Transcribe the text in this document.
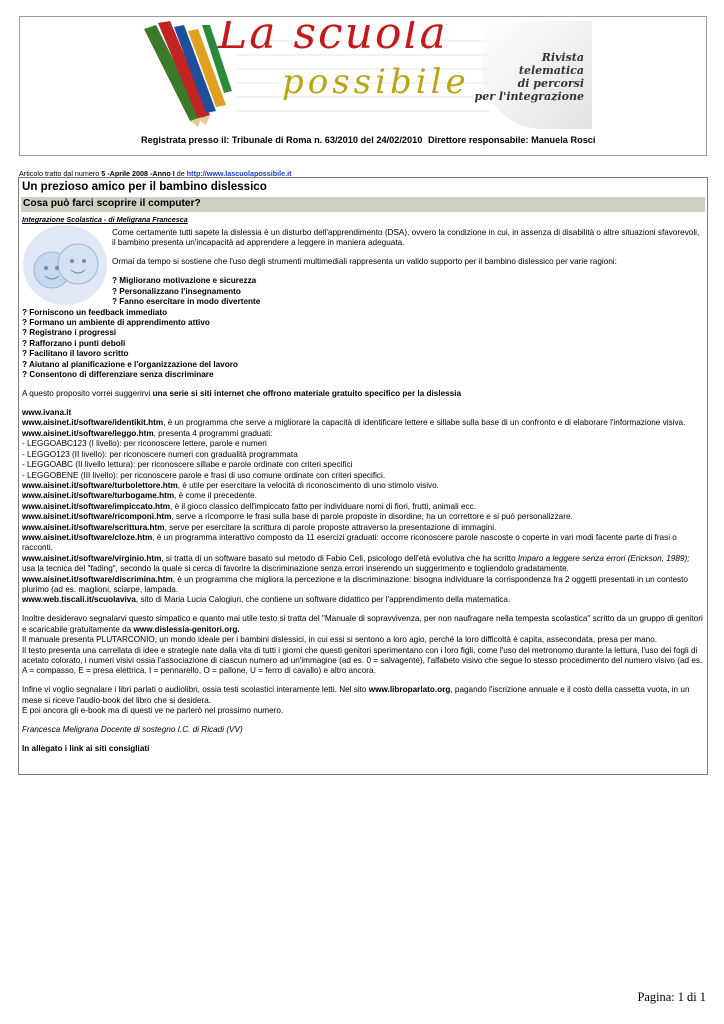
possibile
Rivista
telematica
di percorsi
per l'integrazione
Registrata presso il: Tribunale di Roma n. 63/2010 del 24/02/2010 Direttore responsabile: Manuela Rosci
Articolo tratto dal numero 5 -Aprile 2008 -Anno I de http://www.lascuolapossibile.it
Un prezioso amico per il bambino dislessico
Cosa può farci scoprire il computer?
Integrazione Scolastica - di Meligrana Francesca

Come certamente tutti sapete la dislessia è un disturbo dell'apprendimento (DSA), ovvero la condizione in cui, in assenza di disabilità o altre situazioni sfavorevoli, il bambino presenta un'incapacità ad apprendere a leggere in maniera adeguata.

Ormai da tempo si sostiene che l'uso degli strumenti multimediali rappresenta un valido supporto per il bambino dislessico per varie ragioni:

? Migliorano motivazione e sicurezza

? Personalizzano l'insegnamento

? Fanno esercitare in modo divertente

? Forniscono un feedback immediato

? Formano un ambiente di apprendimento attivo

? Registrano i progressi

? Rafforzano i punti deboli

? Facilitano il lavoro scritto

? Aiutano al pianificazione e l'organizzazione del lavoro

? Consentono di differenziare senza discriminare

A questo proposito vorrei suggerirvi una serie si siti internet che offrono materiale gratuito specifico per la dislessia

www.ivana.it

www.aisinet.it/software/identikit.htm, è un programma che serve a migliorare la capacità di identificare lettere e sillabe sulla base di un confronto e di elaborare l'informazione visiva.

www.aisinet.it/software/leggo.htm, presenta 4 programmi graduati:

- LEGGOABC123 (I livello): per riconoscere lettere, parole e numeri

- LEGGO123 (II livello): per riconoscere numeri con gradualità programmata

- LEGGOABC (II livello lettura): per riconoscere sillabe e parole ordinate con criteri specifici

- LEGGOBENE (III livello): per riconoscere parole e frasi di uso comune ordinate con criteri specifici.

www.aisinet.it/software/turbolettore.htm, è utile per esercitare la velocità di riconoscimento di uno stimolo visivo.

www.aisinet.it/software/turbogame.htm, è come il precedente.

www.aisinet.it/software/impiccato.htm, è il gioco classico dell'impiccato fatto per individuare nomi di fiori, frutti, animali ecc.

www.aisinet.it/software/ricomponi.htm, serve a ricomporre le frasi sulla base di parole proposte in disordine; ha un correttore e si può personalizzare.

www.aisinet.it/software/scrittura.htm, serve per esercitare la scrittura di parole proposte attraverso la presentazione di immagini.

www.aisinet.it/software/cloze.htm, è un programma interattivo composto da 11 esercizi graduati: occorre riconoscere parole nascoste o coperte in vari modi facente parte di frasi o racconti.

www.aisinet.it/software/virginio.htm, si tratta di un software basato sul metodo di Fabio Celi, psicologo dell'età evolutiva che ha scritto Imparo a leggere senza errori (Erickson, 1989); usa la tecnica del "fading", secondo la quale si cerca di favorire la discriminazione senza errori inserendo un suggerimento e togliendolo gradatamente.

www.aisinet.it/software/discrimina.htm, è un programma che migliora la percezione e la discriminazione: bisogna individuare la corrispondenza fra 2 oggetti presentati in un contesto plurimo (ad es. maglioni, sciarpe, lampada.

www.web.tiscali.it/scuolaviva, sito di Maria Lucia Calogiuri, che contiene un software didattico per l'apprendimento della matematica.

Inoltre desideravo segnalarvi questo simpatico e quanto mai utile testo si tratta del "Manuale di sopravvivenza, per non naufragare nella tempesta scolastica" scritto da un gruppo di genitori e scaricabile gratuitamente da www.dislessia-genitori.org.

Il manuale presenta PLUTARCONIO, un mondo ideale per i bambini dislessici, in cui essi si sentono a loro agio, perché la loro difficoltà è capita, assecondata, presa per mano.

Il testo presenta una carrellata di idee e strategie nate dalla vita di tutti i giorni che questi genitori sperimentano con i loro figli, come l'uso del metronomo durante la lettura, l'uso dei fogli di acetato colorato, i numeri visivi ossia l'associazione di ciascun numero ad un'immagine (ad es. 0 = salvagente), l'alfabeto visivo che segue lo stesso procedimento del numero visivo (ad es. A = compasso, E = presa elettrica, I = pennarello, O = pallone, U = ferro di cavallo) e altro ancora.

Infine vi voglio segnalare i libri parlati o audiolibri, ossia testi scolastici interamente letti. Nel sito www.libroparlato.org, pagando l'iscrizione annuale e il costo della cassetta vuota, in un mese si riceve l'audio-book del libro che si desidera.

E poi ancora gli e-book ma di questi ve ne parlerò nel prossimo numero.

Francesca Meligrana Docente di sostegno I.C. di Ricadi (VV)

In allegato i link ai siti consigliati

Pagina: 1 di 1
